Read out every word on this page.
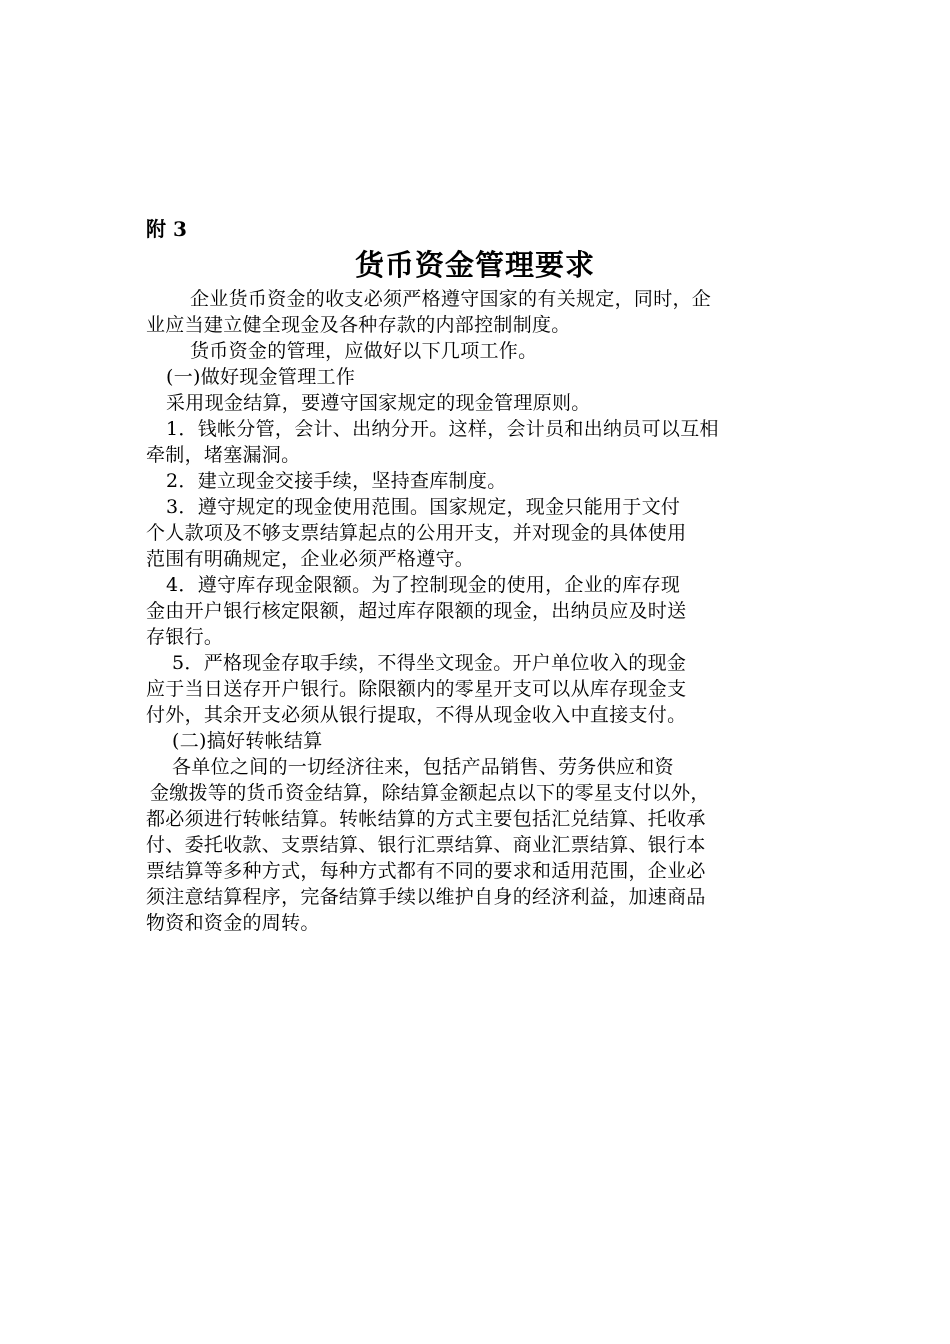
附 3
货币资金管理要求
企业货币资金的收支必须严格遵守国家的有关规定，同时，企
业应当建立健全现金及各种存款的内部控制制度。
货币资金的管理，应做好以下几项工作。
(一)做好现金管理工作
采用现金结算，要遵守国家规定的现金管理原则。
1．钱帐分管，会计、出纳分开。这样，会计员和出纳员可以互相
牵制，堵塞漏洞。
2．建立现金交接手续，坚持查库制度。
3．遵守规定的现金使用范围。国家规定，现金只能用于文付
个人款项及不够支票结算起点的公用开支，并对现金的具体使用
范围有明确规定，企业必须严格遵守。
4．遵守库存现金限额。为了控制现金的使用，企业的库存现
金由开户银行核定限额，超过库存限额的现金，出纳员应及时送
存银行。
5．严格现金存取手续，不得坐文现金。开户单位收入的现金
应于当日送存开户银行。除限额内的零星开支可以从库存现金支
付外，其余开支必须从银行提取，不得从现金收入中直接支付。
(二)搞好转帐结算
各单位之间的一切经济往来，包括产品销售、劳务供应和资
金缴拨等的货币资金结算，除结算金额起点以下的零星支付以外，
都必须进行转帐结算。转帐结算的方式主要包括汇兑结算、托收承
付、委托收款、支票结算、银行汇票结算、商业汇票结算、银行本
票结算等多种方式，每种方式都有不同的要求和适用范围，企业必
须注意结算程序，完备结算手续以维护自身的经济利益，加速商品
物资和资金的周转。
